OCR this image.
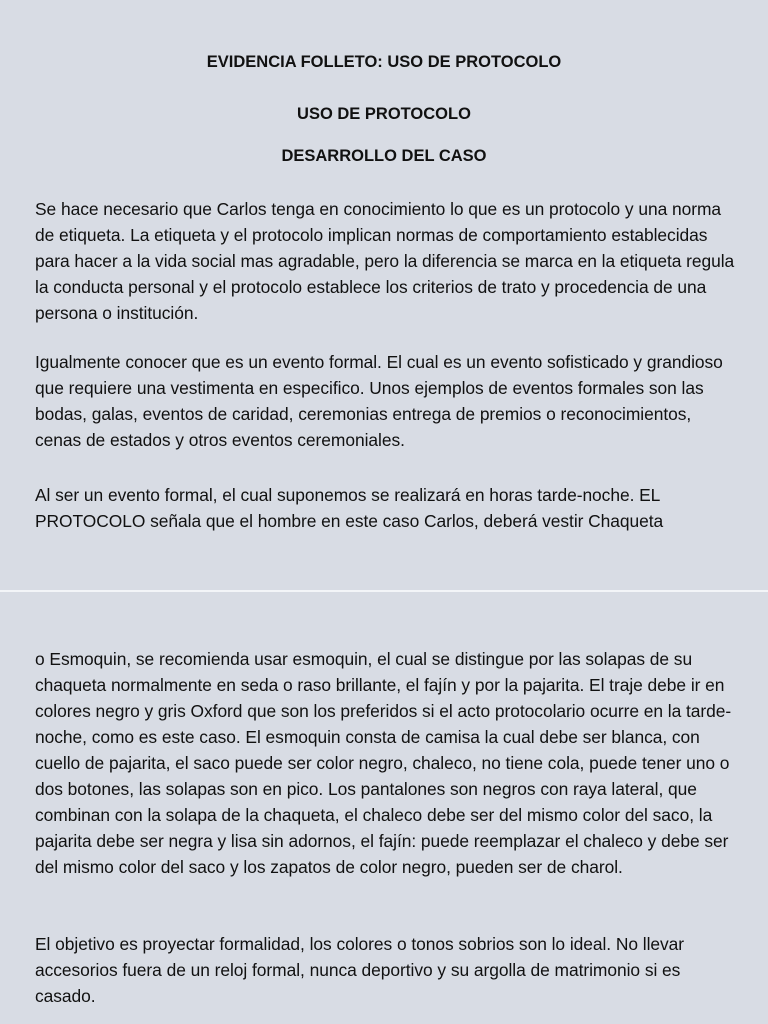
EVIDENCIA FOLLETO: USO DE PROTOCOLO

USO DE PROTOCOLO

DESARROLLO DEL CASO

Se hace necesario que Carlos tenga en conocimiento lo que es un protocolo y una norma de etiqueta. La etiqueta y el protocolo implican normas de comportamiento establecidas para hacer a la vida social mas agradable, pero la diferencia se marca en la etiqueta regula la conducta personal y el protocolo establece los criterios de trato y procedencia de una persona o institución.

Igualmente conocer que es un evento formal. El cual es un evento sofisticado y grandioso que requiere una vestimenta en especifico. Unos ejemplos de eventos formales son las bodas, galas, eventos de caridad, ceremonias entrega de premios o reconocimientos, cenas de estados y otros eventos ceremoniales.

Al ser un evento formal, el cual suponemos se realizará en horas tarde-noche. EL PROTOCOLO señala que el hombre en este caso Carlos, deberá vestir Chaqueta

o Esmoquin, se recomienda usar esmoquin, el cual se distingue por las solapas de su chaqueta normalmente en seda o raso brillante, el fajín y por la pajarita. El traje debe ir en colores negro y gris Oxford que son los preferidos si el acto protocolario ocurre en la tarde-noche, como es este caso. El esmoquin consta de camisa la cual debe ser blanca, con cuello de pajarita, el saco puede ser color negro, chaleco, no tiene cola, puede tener uno o dos botones, las solapas son en pico. Los pantalones son negros con raya lateral, que combinan con la solapa de la chaqueta, el chaleco debe ser del mismo color del saco, la pajarita debe ser negra y lisa sin adornos, el fajín: puede reemplazar el chaleco y debe ser del mismo color del saco y los zapatos de color negro, pueden ser de charol.

El objetivo es proyectar formalidad, los colores o tonos sobrios son lo ideal. No llevar accesorios fuera de un reloj formal, nunca deportivo y su argolla de matrimonio si es casado.
